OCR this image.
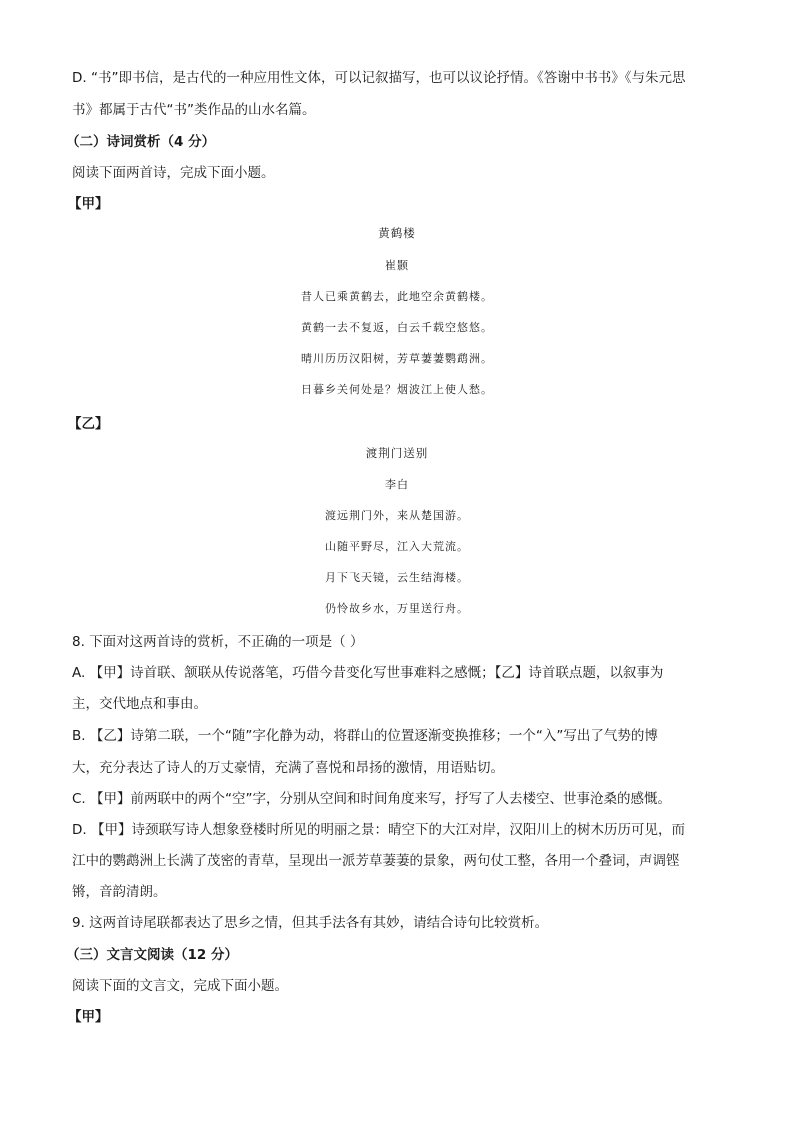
D. “书”即书信，是古代的一种应用性文体，可以记叙描写，也可以议论抒情。《答谢中书书》《与朱元思
书》都属于古代“书”类作品的山水名篇。
（二）诗词赏析（4 分）
阅读下面两首诗，完成下面小题。
【甲】
黄鹤楼
崔颢
昔人已乘黄鹤去，此地空余黄鹤楼。
黄鹤一去不复返，白云千载空悠悠。
晴川历历汉阳树，芳草萋萋鹦鹉洲。
日暮乡关何处是？烟波江上使人愁。
【乙】
渡荆门送别
李白
渡远荆门外，来从楚国游。
山随平野尽，江入大荒流。
月下飞天镜，云生结海楼。
仍怜故乡水，万里送行舟。
8. 下面对这两首诗的赏析，不正确的一项是（ ）
A. 【甲】诗首联、颔联从传说落笔，巧借今昔变化写世事难料之感慨；【乙】诗首联点题，以叙事为
主，交代地点和事由。
B. 【乙】诗第二联，一个“随”字化静为动，将群山的位置逐渐变换推移；一个“入”写出了气势的博
大，充分表达了诗人的万丈豪情，充满了喜悦和昂扬的激情，用语贴切。
C. 【甲】前两联中的两个“空”字，分别从空间和时间角度来写，抒写了人去楼空、世事沧桑的感慨。
D. 【甲】诗颈联写诗人想象登楼时所见的明丽之景：晴空下的大江对岸，汉阳川上的树木历历可见，而
江中的鹦鹉洲上长满了茂密的青草，呈现出一派芳草萋萋的景象，两句仗工整，各用一个叠词，声调铿
锵，音韵清朗。
9. 这两首诗尾联都表达了思乡之情，但其手法各有其妙，请结合诗句比较赏析。
（三）文言文阅读（12 分）
阅读下面的文言文，完成下面小题。
【甲】
